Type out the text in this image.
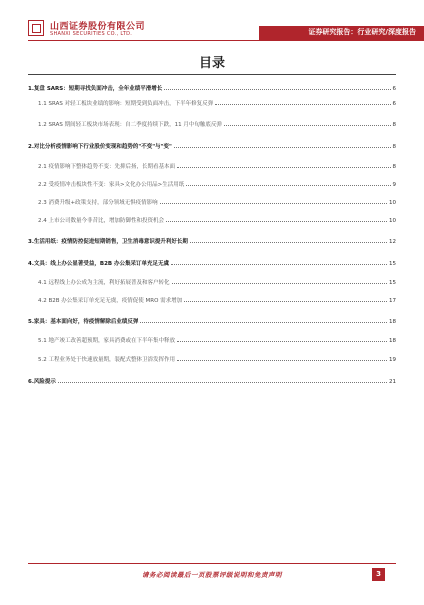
山西证券股份有限公司
SHANXI SECURITIES CO., LTD.	证券研究报告：行业研究/深度报告
目录
1.复盘 SARS：短期寻找负面冲击，全年业绩平滑增长	6
1.1 SRAS 对轻工板块业绩的影响：短期受到负面冲击，下半年修复反弹	6
1.2 SRAS 期间轻工板块市场表现：自二季度持续下跌，11 月中旬触底反弹	8
2.对比分析疫情影响下行业股价变现和趋势的"不变"与"变"	8
2.1 疫情影响下整体趋势不变：先抑后扬，长期看基本面	8
2.2 受疫情冲击板块性不变：家具>文化办公用品>生活用纸	9
2.3 消费升级+政策支持，部分领域无惧疫情影响	10
2.4 上市公司数量今非昔比，增加防御性和投资机会	10
3.生活用纸：疫情防控促进短期销售，卫生消毒意识提升利好长期	12
4.文具：线上办公显著受益，B2B 办公集采订单充足无虞	15
4.1 远程线上办公成为主流，利好拓展普及和客户转化	15
4.2 B2B 办公集采订单充足无虞，疫情促使 MRO 需求增加	17
5.家具：基本面向好，待疫情解除后业绩反弹	18
5.1 地产竣工改善超预期，家具消费或在下半年集中释放	18
5.2 工程业务处于快速放量期，装配式整体卫浴发挥作用	19
6.风险提示	21
请务必阅读最后一页股票评级说明和免责声明	3
